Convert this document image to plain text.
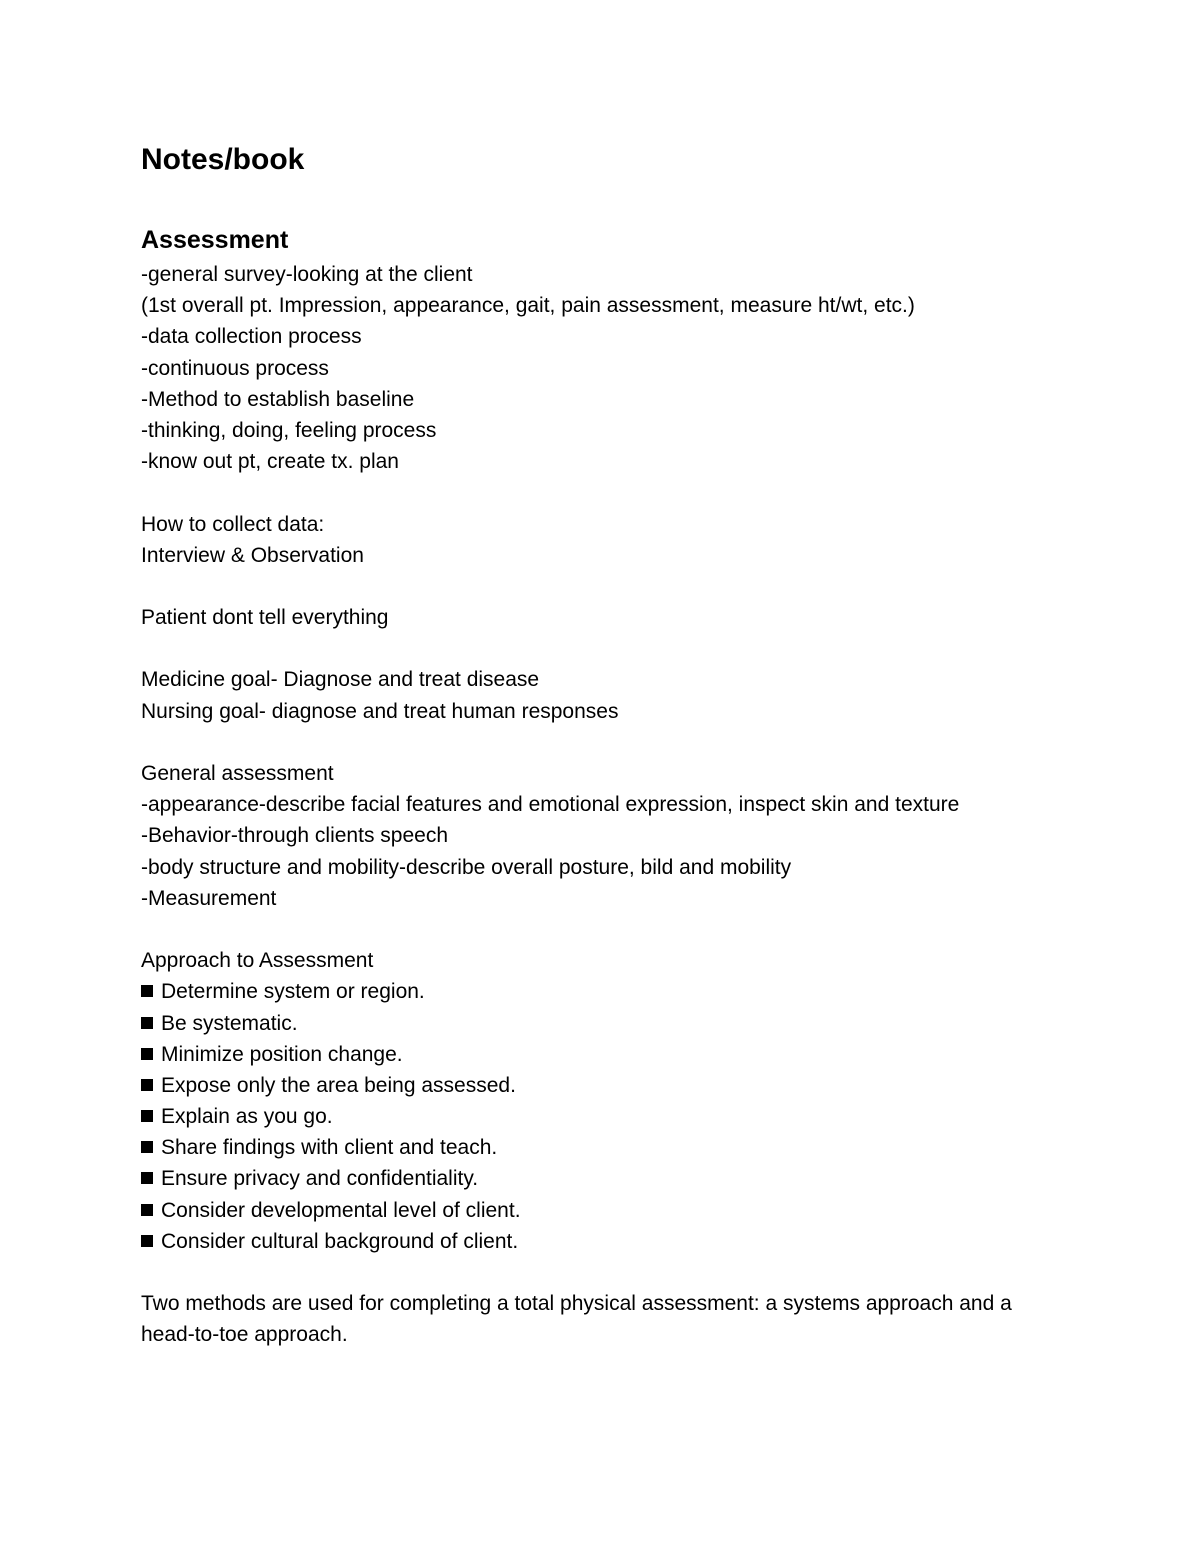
Notes/book
Assessment
-general survey-looking at the client
(1st overall pt. Impression, appearance, gait, pain assessment, measure ht/wt, etc.)
-data collection process
-continuous process
-Method to establish baseline
-thinking, doing, feeling process
-know out pt, create tx. plan
How to collect data:
Interview & Observation
Patient dont tell everything
Medicine goal- Diagnose and treat disease
Nursing goal- diagnose and treat human responses
General assessment
-appearance-describe facial features and emotional expression, inspect skin and texture
-Behavior-through clients speech
-body structure and mobility-describe overall posture, bild and mobility
-Measurement
Approach to Assessment
Determine system or region.
Be systematic.
Minimize position change.
Expose only the area being assessed.
Explain as you go.
Share findings with client and teach.
Ensure privacy and confidentiality.
Consider developmental level of client.
Consider cultural background of client.
Two methods are used for completing a total physical assessment: a systems approach and a head-to-toe approach.
